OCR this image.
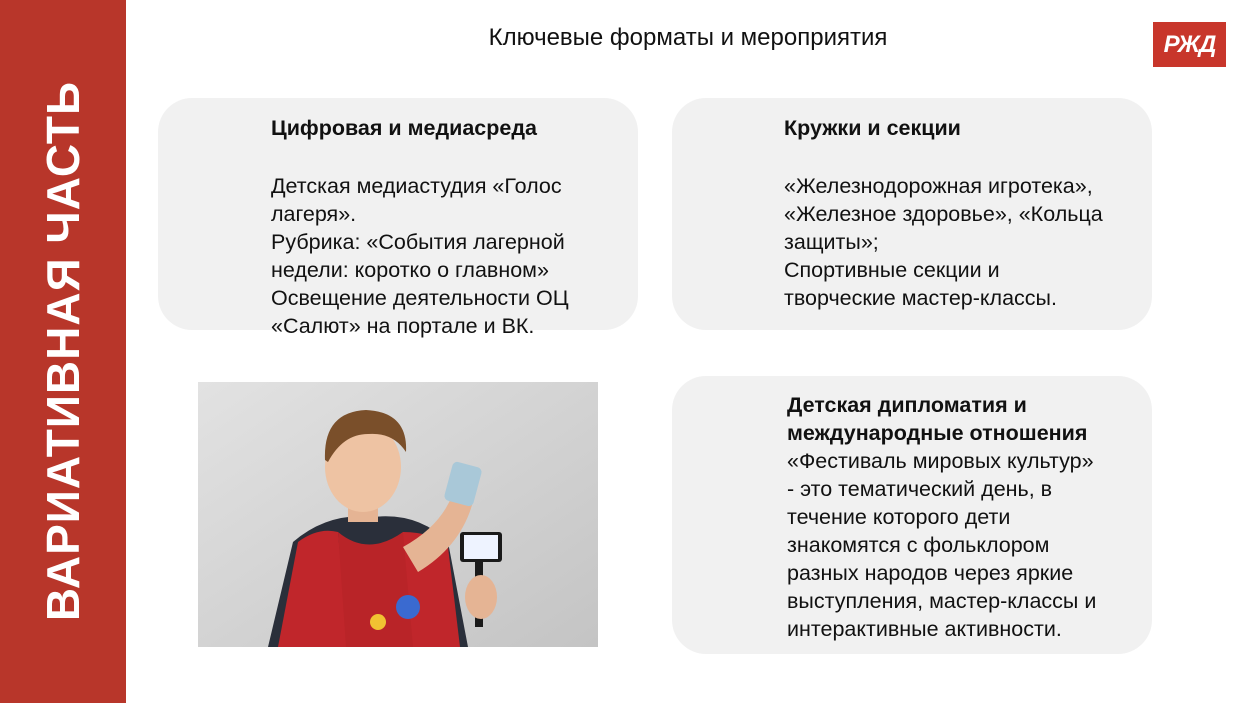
ВАРИАТИВНАЯ ЧАСТЬ
Ключевые форматы и мероприятия	РЖД
Цифровая и медиасреда

Детская медиастудия «Голос
лагеря».
Рубрика: «События лагерной
недели: коротко о главном»
Освещение деятельности ОЦ
«Салют» на портале и ВК.
Кружки и секции

«Железнодорожная игротека»,
«Железное здоровье», «Кольца
защиты»;
Спортивные секции и
творческие мастер-классы.
Детская дипломатия и
международные отношения
«Фестиваль мировых культур»
- это тематический день, в
течение которого дети
знакомятся с фольклором
разных народов через яркие
выступления, мастер-классы и
интерактивные активности.
